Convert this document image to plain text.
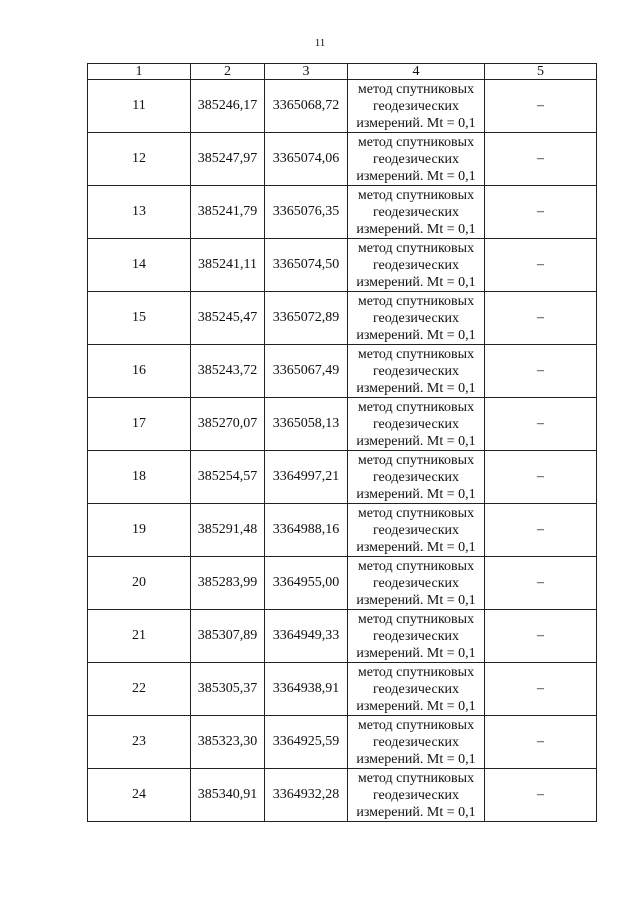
11
1	2	3	4	5
11	385246,17	3365068,72	метод спутниковых
геодезических
измерений. Mt = 0,1	–
12	385247,97	3365074,06	метод спутниковых
геодезических
измерений. Mt = 0,1	–
13	385241,79	3365076,35	метод спутниковых
геодезических
измерений. Mt = 0,1	–
14	385241,11	3365074,50	метод спутниковых
геодезических
измерений. Mt = 0,1	–
15	385245,47	3365072,89	метод спутниковых
геодезических
измерений. Mt = 0,1	–
16	385243,72	3365067,49	метод спутниковых
геодезических
измерений. Mt = 0,1	–
17	385270,07	3365058,13	метод спутниковых
геодезических
измерений. Mt = 0,1	–
18	385254,57	3364997,21	метод спутниковых
геодезических
измерений. Mt = 0,1	–
19	385291,48	3364988,16	метод спутниковых
геодезических
измерений. Mt = 0,1	–
20	385283,99	3364955,00	метод спутниковых
геодезических
измерений. Mt = 0,1	–
21	385307,89	3364949,33	метод спутниковых
геодезических
измерений. Mt = 0,1	–
22	385305,37	3364938,91	метод спутниковых
геодезических
измерений. Mt = 0,1	–
23	385323,30	3364925,59	метод спутниковых
геодезических
измерений. Mt = 0,1	–
24	385340,91	3364932,28	метод спутниковых
геодезических
измерений. Mt = 0,1	–
